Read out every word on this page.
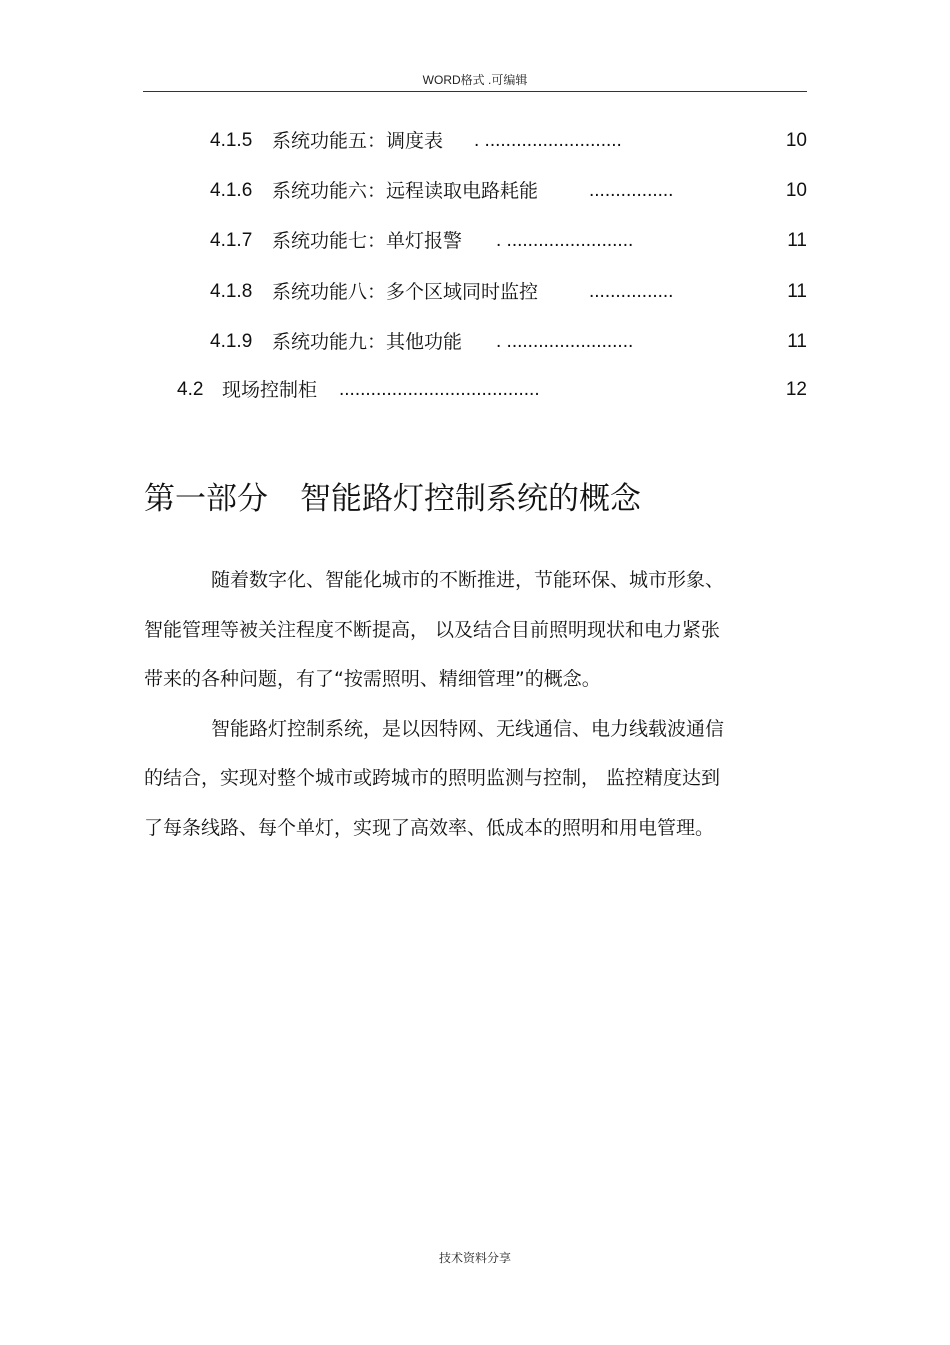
WORD格式 .可编辑
4.1.5 系统功能五：调度表 . ..........................	10
4.1.6 系统功能六：远程读取电路耗能	................	10
4.1.7 系统功能七：单灯报警 . ........................	11
4.1.8 系统功能八：多个区域同时监控	................	11
4.1.9 系统功能九：其他功能 . ........................	11
4.2 现场控制柜 ......................................	12
第一部分 智能路灯控制系统的概念
随着数字化、智能化城市的不断推进，节能环保、城市形象、
智能管理等被关注程度不断提高， 以及结合目前照明现状和电力紧张
带来的各种问题，有了“按需照明、精细管理”的概念。
智能路灯控制系统，是以因特网、无线通信、电力线载波通信
的结合，实现对整个城市或跨城市的照明监测与控制， 监控精度达到
了每条线路、每个单灯，实现了高效率、低成本的照明和用电管理。
技术资料分享
